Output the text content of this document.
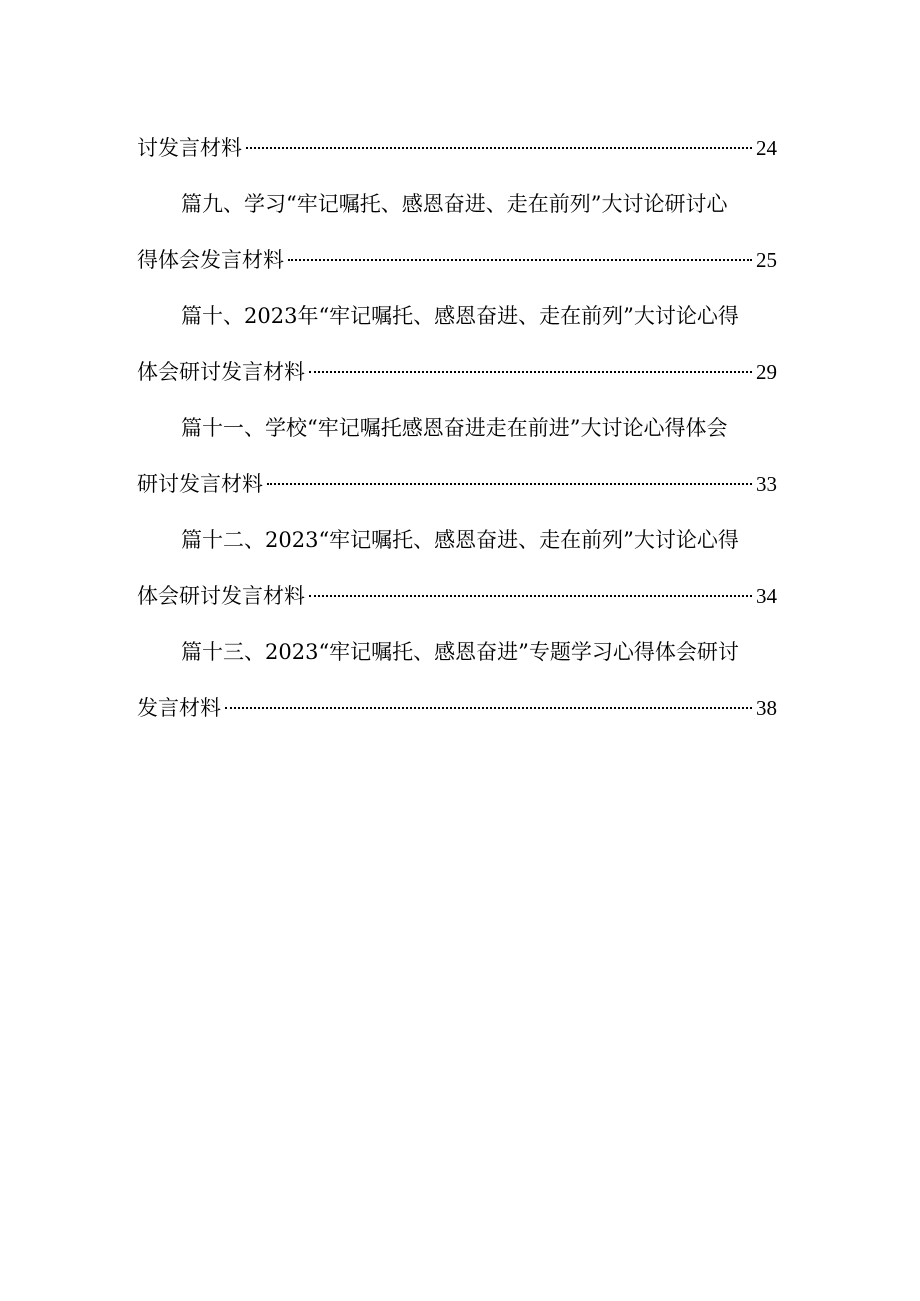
讨发言材料	24
篇九、学习“牢记嘱托、感恩奋进、走在前列”大讨论研讨心
得体会发言材料	25
篇十、2023年“牢记嘱托、感恩奋进、走在前列”大讨论心得
体会研讨发言材料	29
篇十一、学校“牢记嘱托感恩奋进走在前进”大讨论心得体会
研讨发言材料	33
篇十二、2023“牢记嘱托、感恩奋进、走在前列”大讨论心得
体会研讨发言材料	34
篇十三、2023“牢记嘱托、感恩奋进”专题学习心得体会研讨
发言材料	38
